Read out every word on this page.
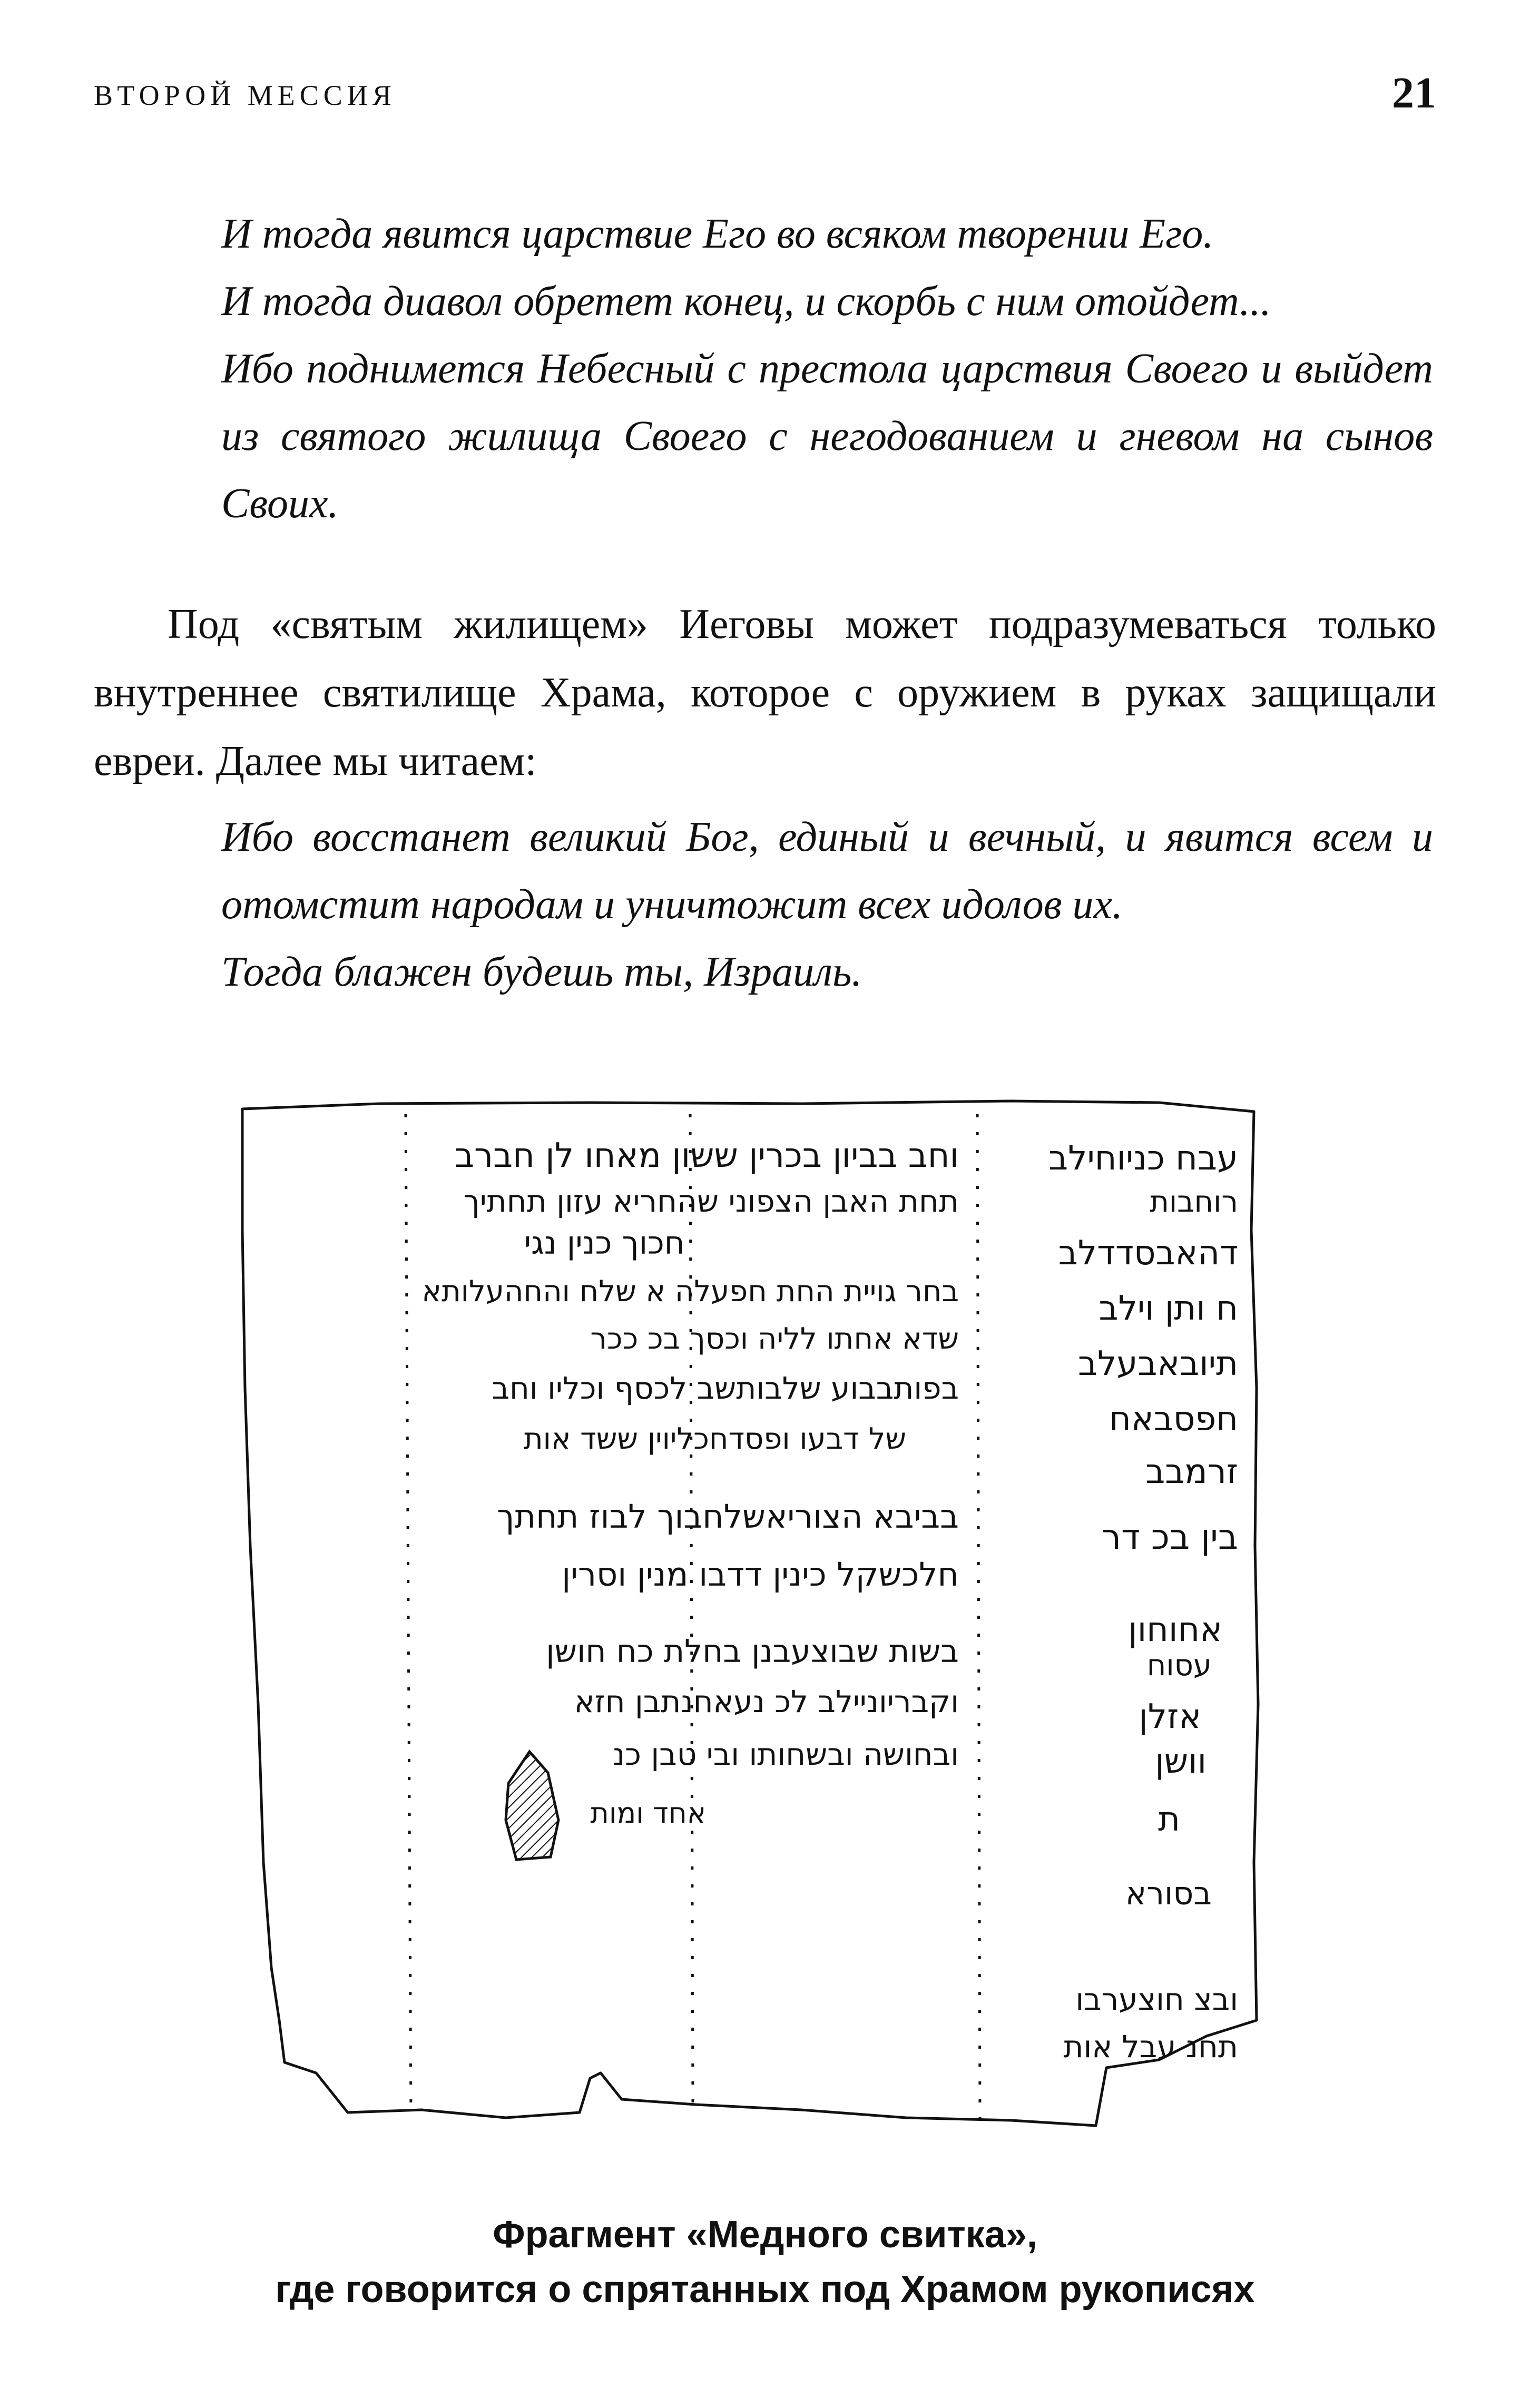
ВТОРОЙ МЕССИЯ	21

И тогда явится царствие Его во всяком творении Его.

И тогда диавол обретет конец, и скорбь с ним отойдет...

Ибо поднимется Небесный с престола царствия Своего и выйдет из святого жилища Своего с негодованием и гневом на сынов Своих.

Под «святым жилищем» Иеговы может подразумеваться только внутреннее святилище Храма, которое с оружием в руках защищали евреи. Далее мы читаем:

Ибо восстанет великий Бог, единый и вечный, и явится всем и отомстит народам и уничтожит всех идолов их.

Тогда блажен будешь ты, Израиль.

וחב בביון בכרין ששון מאחו לן חברב
תחת האבן הצפוני שהחריא עזון תחתיך
חכוך כנין נגי
בחר גויית החת חפעלה א שלח והחהעלותא
שדא אחתו לליה וכסך בכ ככר
בפותבבוע שלבותשב לכסף וכליו וחב
של דבעו ופסדחכליוין ששד אות
בביבא הצוריאשלחבוך לבוז תחתך
חלכשקל כינין דדבו מנין וסרין
בשות שבוצעבנן בחלת כח חושן
וקבריוניילב לכ נעאחנתבן חזא
ובחושה ובשחותו ובי טבן כנ
אחד ומות
עבח כניוחילב
רוחבות
דהאבסדדלב
ח ותן וילב
תיובאבעלב
חפסבאח
זרמבב
בין בכ דר
אחוחון
עסוח
אזלן
וושן
ת
בסורא
ובצ חוצערבו
תחנ עבל אות
Фрагмент «Медного свитка»,
где говорится о спрятанных под Храмом рукописях
